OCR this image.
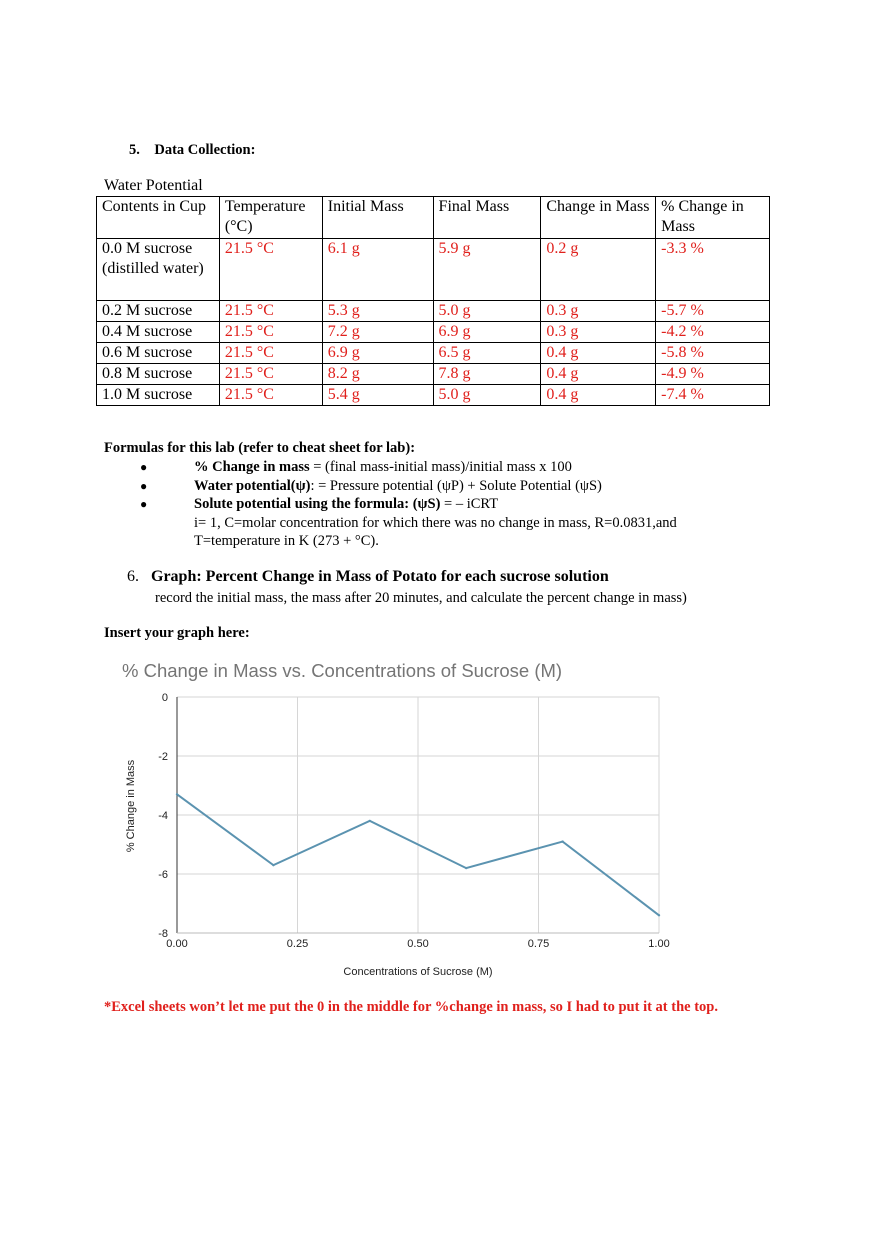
5. Data Collection:
Water Potential
Contents in Cup	Temperature (°C)	Initial Mass	Final Mass	Change in Mass	% Change in Mass
0.0 M sucrose (distilled water)	21.5 °C	6.1 g	5.9 g	0.2 g	-3.3 %
0.2 M sucrose	21.5 °C	5.3 g	5.0 g	0.3 g	-5.7 %
0.4 M sucrose	21.5 °C	7.2 g	6.9 g	0.3 g	-4.2 %
0.6 M sucrose	21.5 °C	6.9 g	6.5 g	0.4 g	-5.8 %
0.8 M sucrose	21.5 °C	8.2 g	7.8 g	0.4 g	-4.9 %
1.0 M sucrose	21.5 °C	5.4 g	5.0 g	0.4 g	-7.4 %
Formulas for this lab (refer to cheat sheet for lab):
●	% Change in mass = (final mass-initial mass)/initial mass x 100
●	Water potential(ψ): = Pressure potential (ψP) + Solute Potential (ψS)
●	Solute potential using the formula: (ψS) = – iCRT
i= 1, C=molar concentration for which there was no change in mass, R=0.0831,and T=temperature in K (273 + °C).
6. Graph: Percent Change in Mass of Potato for each sucrose solution
record the initial mass, the mass after 20 minutes, and calculate the percent change in mass)
Insert your graph here:
% Change in Mass vs. Concentrations of Sucrose (M)
0
-2
-4
-6
-8
0.00	0.25	0.50	0.75	1.00
Concentrations of Sucrose (M)
% Change in Mass
*Excel sheets won’t let me put the 0 in the middle for %change in mass, so I had to put it at the top.
